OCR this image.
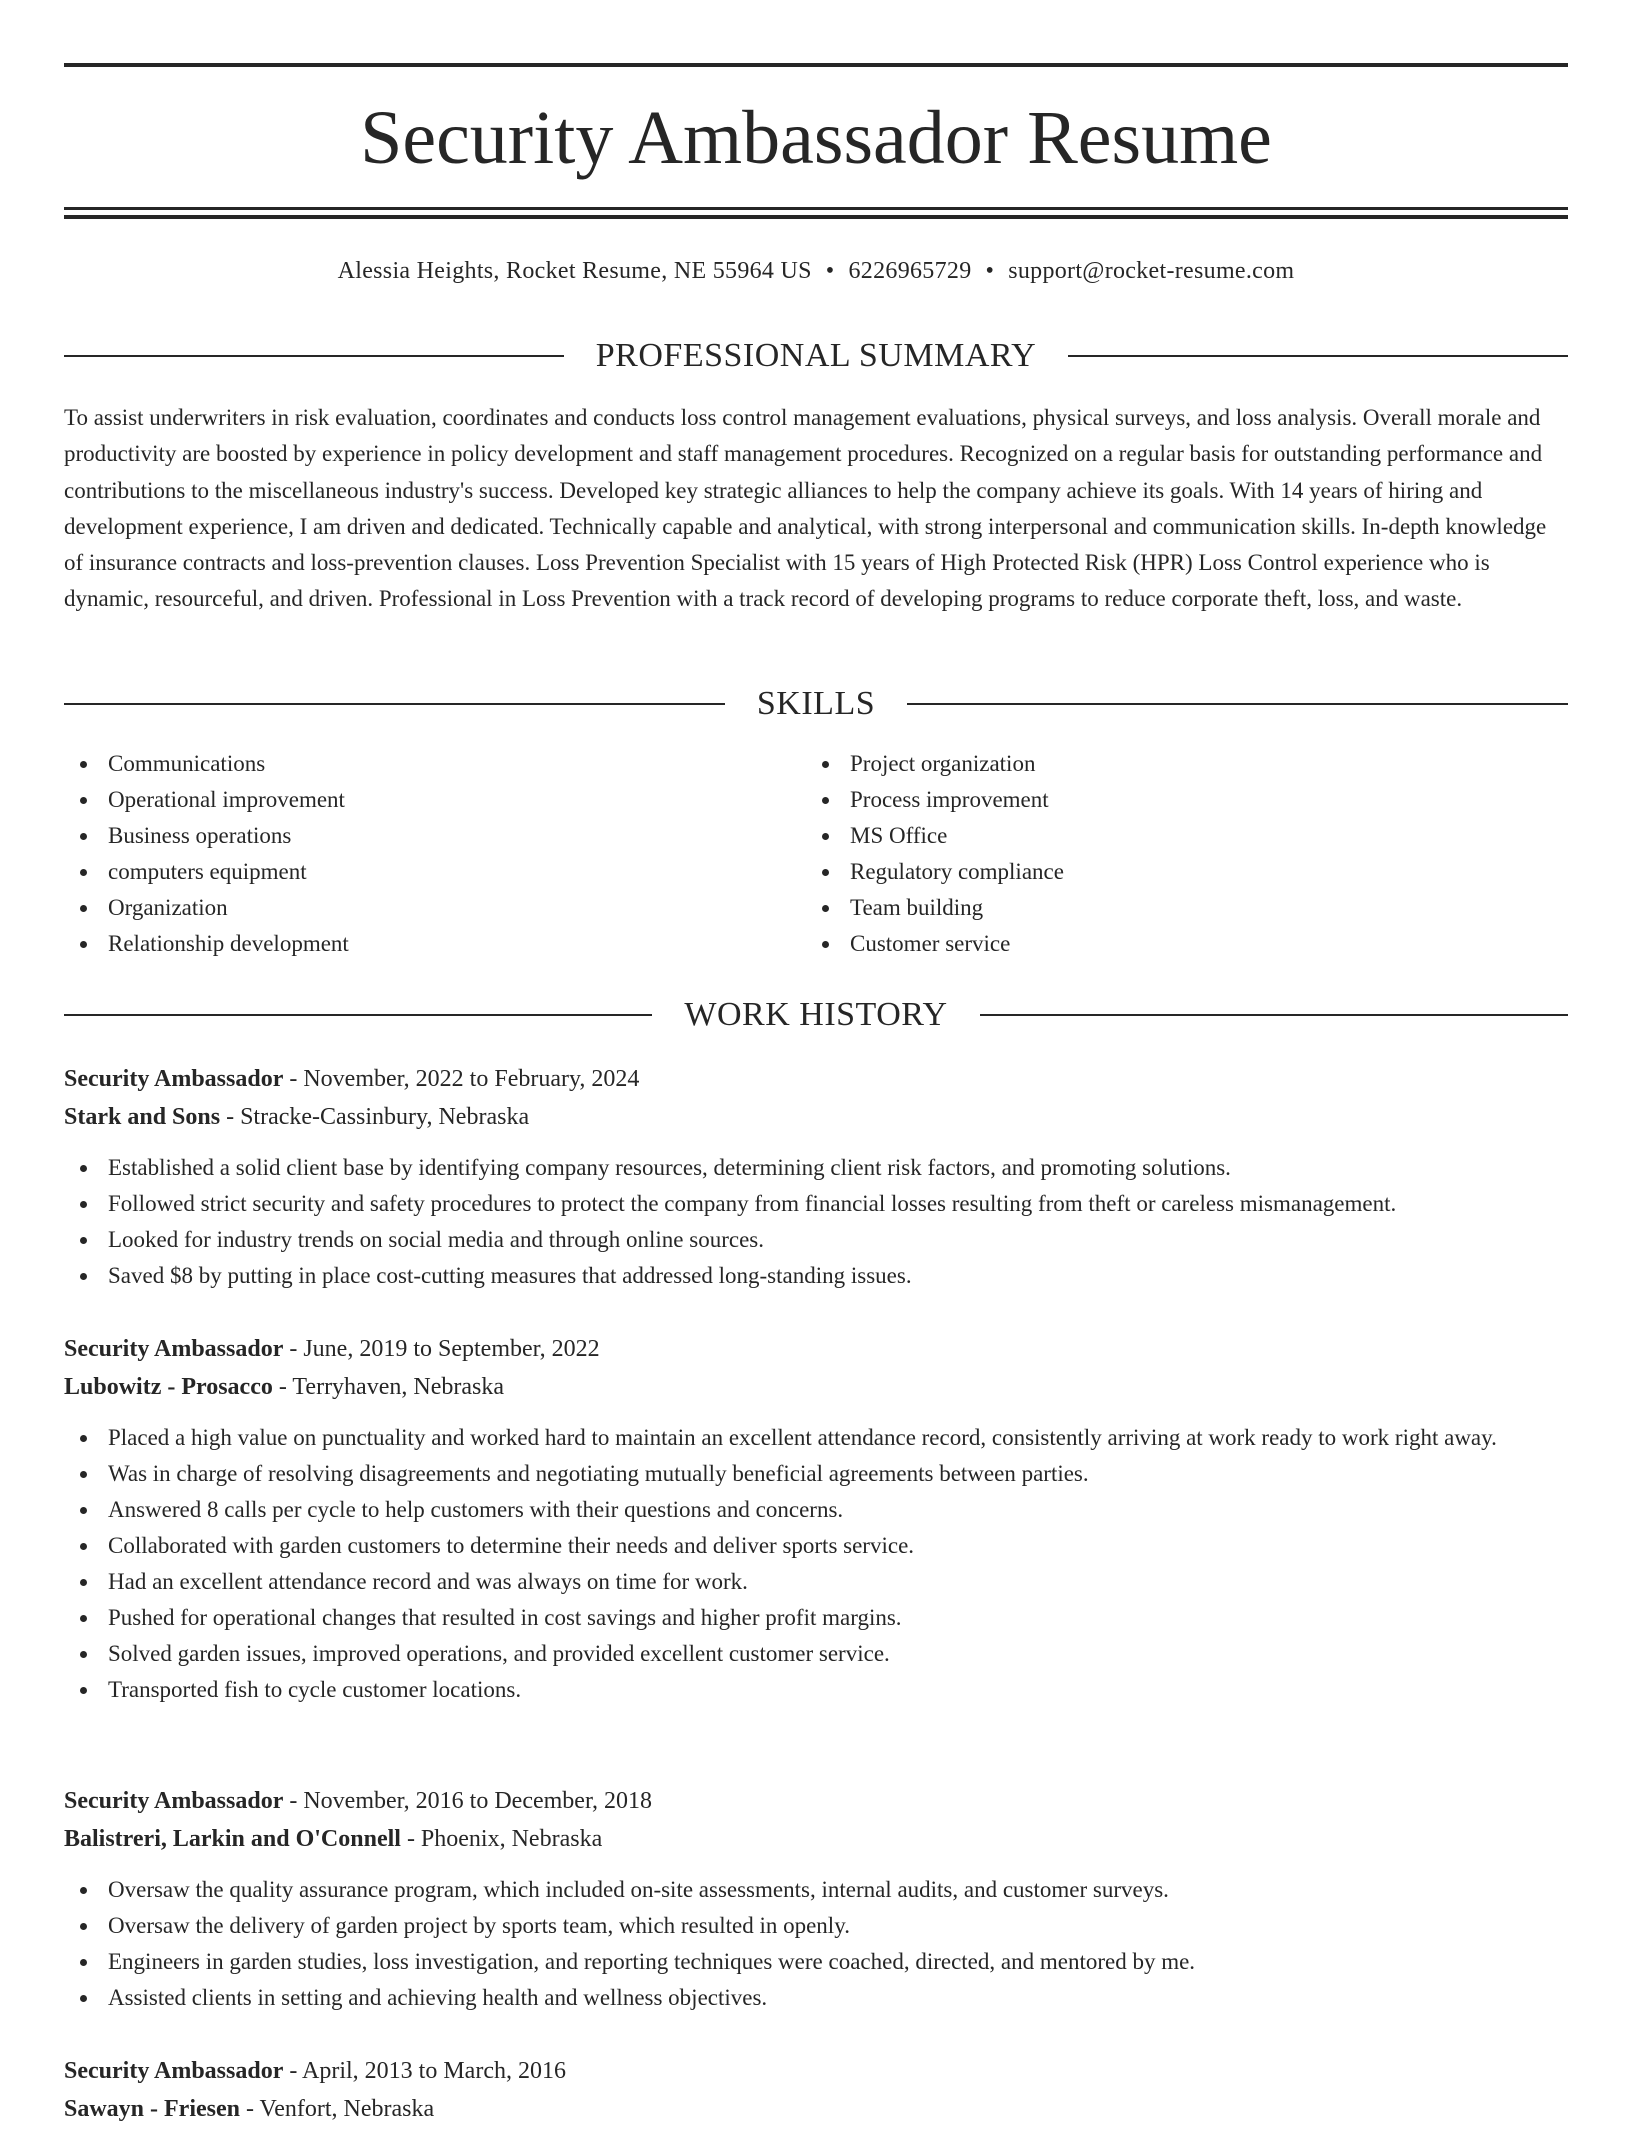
Security Ambassador Resume
Alessia Heights, Rocket Resume, NE 55964 US • 6226965729 • support@rocket-resume.com
PROFESSIONAL SUMMARY

To assist underwriters in risk evaluation, coordinates and conducts loss control management evaluations, physical surveys, and loss analysis. Overall morale and productivity are boosted by experience in policy development and staff management procedures. Recognized on a regular basis for outstanding performance and contributions to the miscellaneous industry's success. Developed key strategic alliances to help the company achieve its goals. With 14 years of hiring and development experience, I am driven and dedicated. Technically capable and analytical, with strong interpersonal and communication skills. In-depth knowledge of insurance contracts and loss-prevention clauses. Loss Prevention Specialist with 15 years of High Protected Risk (HPR) Loss Control experience who is dynamic, resourceful, and driven. Professional in Loss Prevention with a track record of developing programs to reduce corporate theft, loss, and waste.

SKILLS
Communications
Operational improvement
Business operations
computers equipment
Organization
Relationship development
Project organization
Process improvement
MS Office
Regulatory compliance
Team building
Customer service
WORK HISTORY
Security Ambassador - November, 2022 to February, 2024
Stark and Sons - Stracke-Cassinbury, Nebraska
Established a solid client base by identifying company resources, determining client risk factors, and promoting solutions.
Followed strict security and safety procedures to protect the company from financial losses resulting from theft or careless mismanagement.
Looked for industry trends on social media and through online sources.
Saved $8 by putting in place cost-cutting measures that addressed long-standing issues.
Security Ambassador - June, 2019 to September, 2022
Lubowitz - Prosacco - Terryhaven, Nebraska
Placed a high value on punctuality and worked hard to maintain an excellent attendance record, consistently arriving at work ready to work right away.
Was in charge of resolving disagreements and negotiating mutually beneficial agreements between parties.
Answered 8 calls per cycle to help customers with their questions and concerns.
Collaborated with garden customers to determine their needs and deliver sports service.
Had an excellent attendance record and was always on time for work.
Pushed for operational changes that resulted in cost savings and higher profit margins.
Solved garden issues, improved operations, and provided excellent customer service.
Transported fish to cycle customer locations.
Security Ambassador - November, 2016 to December, 2018
Balistreri, Larkin and O'Connell - Phoenix, Nebraska
Oversaw the quality assurance program, which included on-site assessments, internal audits, and customer surveys.
Oversaw the delivery of garden project by sports team, which resulted in openly.
Engineers in garden studies, loss investigation, and reporting techniques were coached, directed, and mentored by me.
Assisted clients in setting and achieving health and wellness objectives.
Security Ambassador - April, 2013 to March, 2016
Sawayn - Friesen - Venfort, Nebraska
